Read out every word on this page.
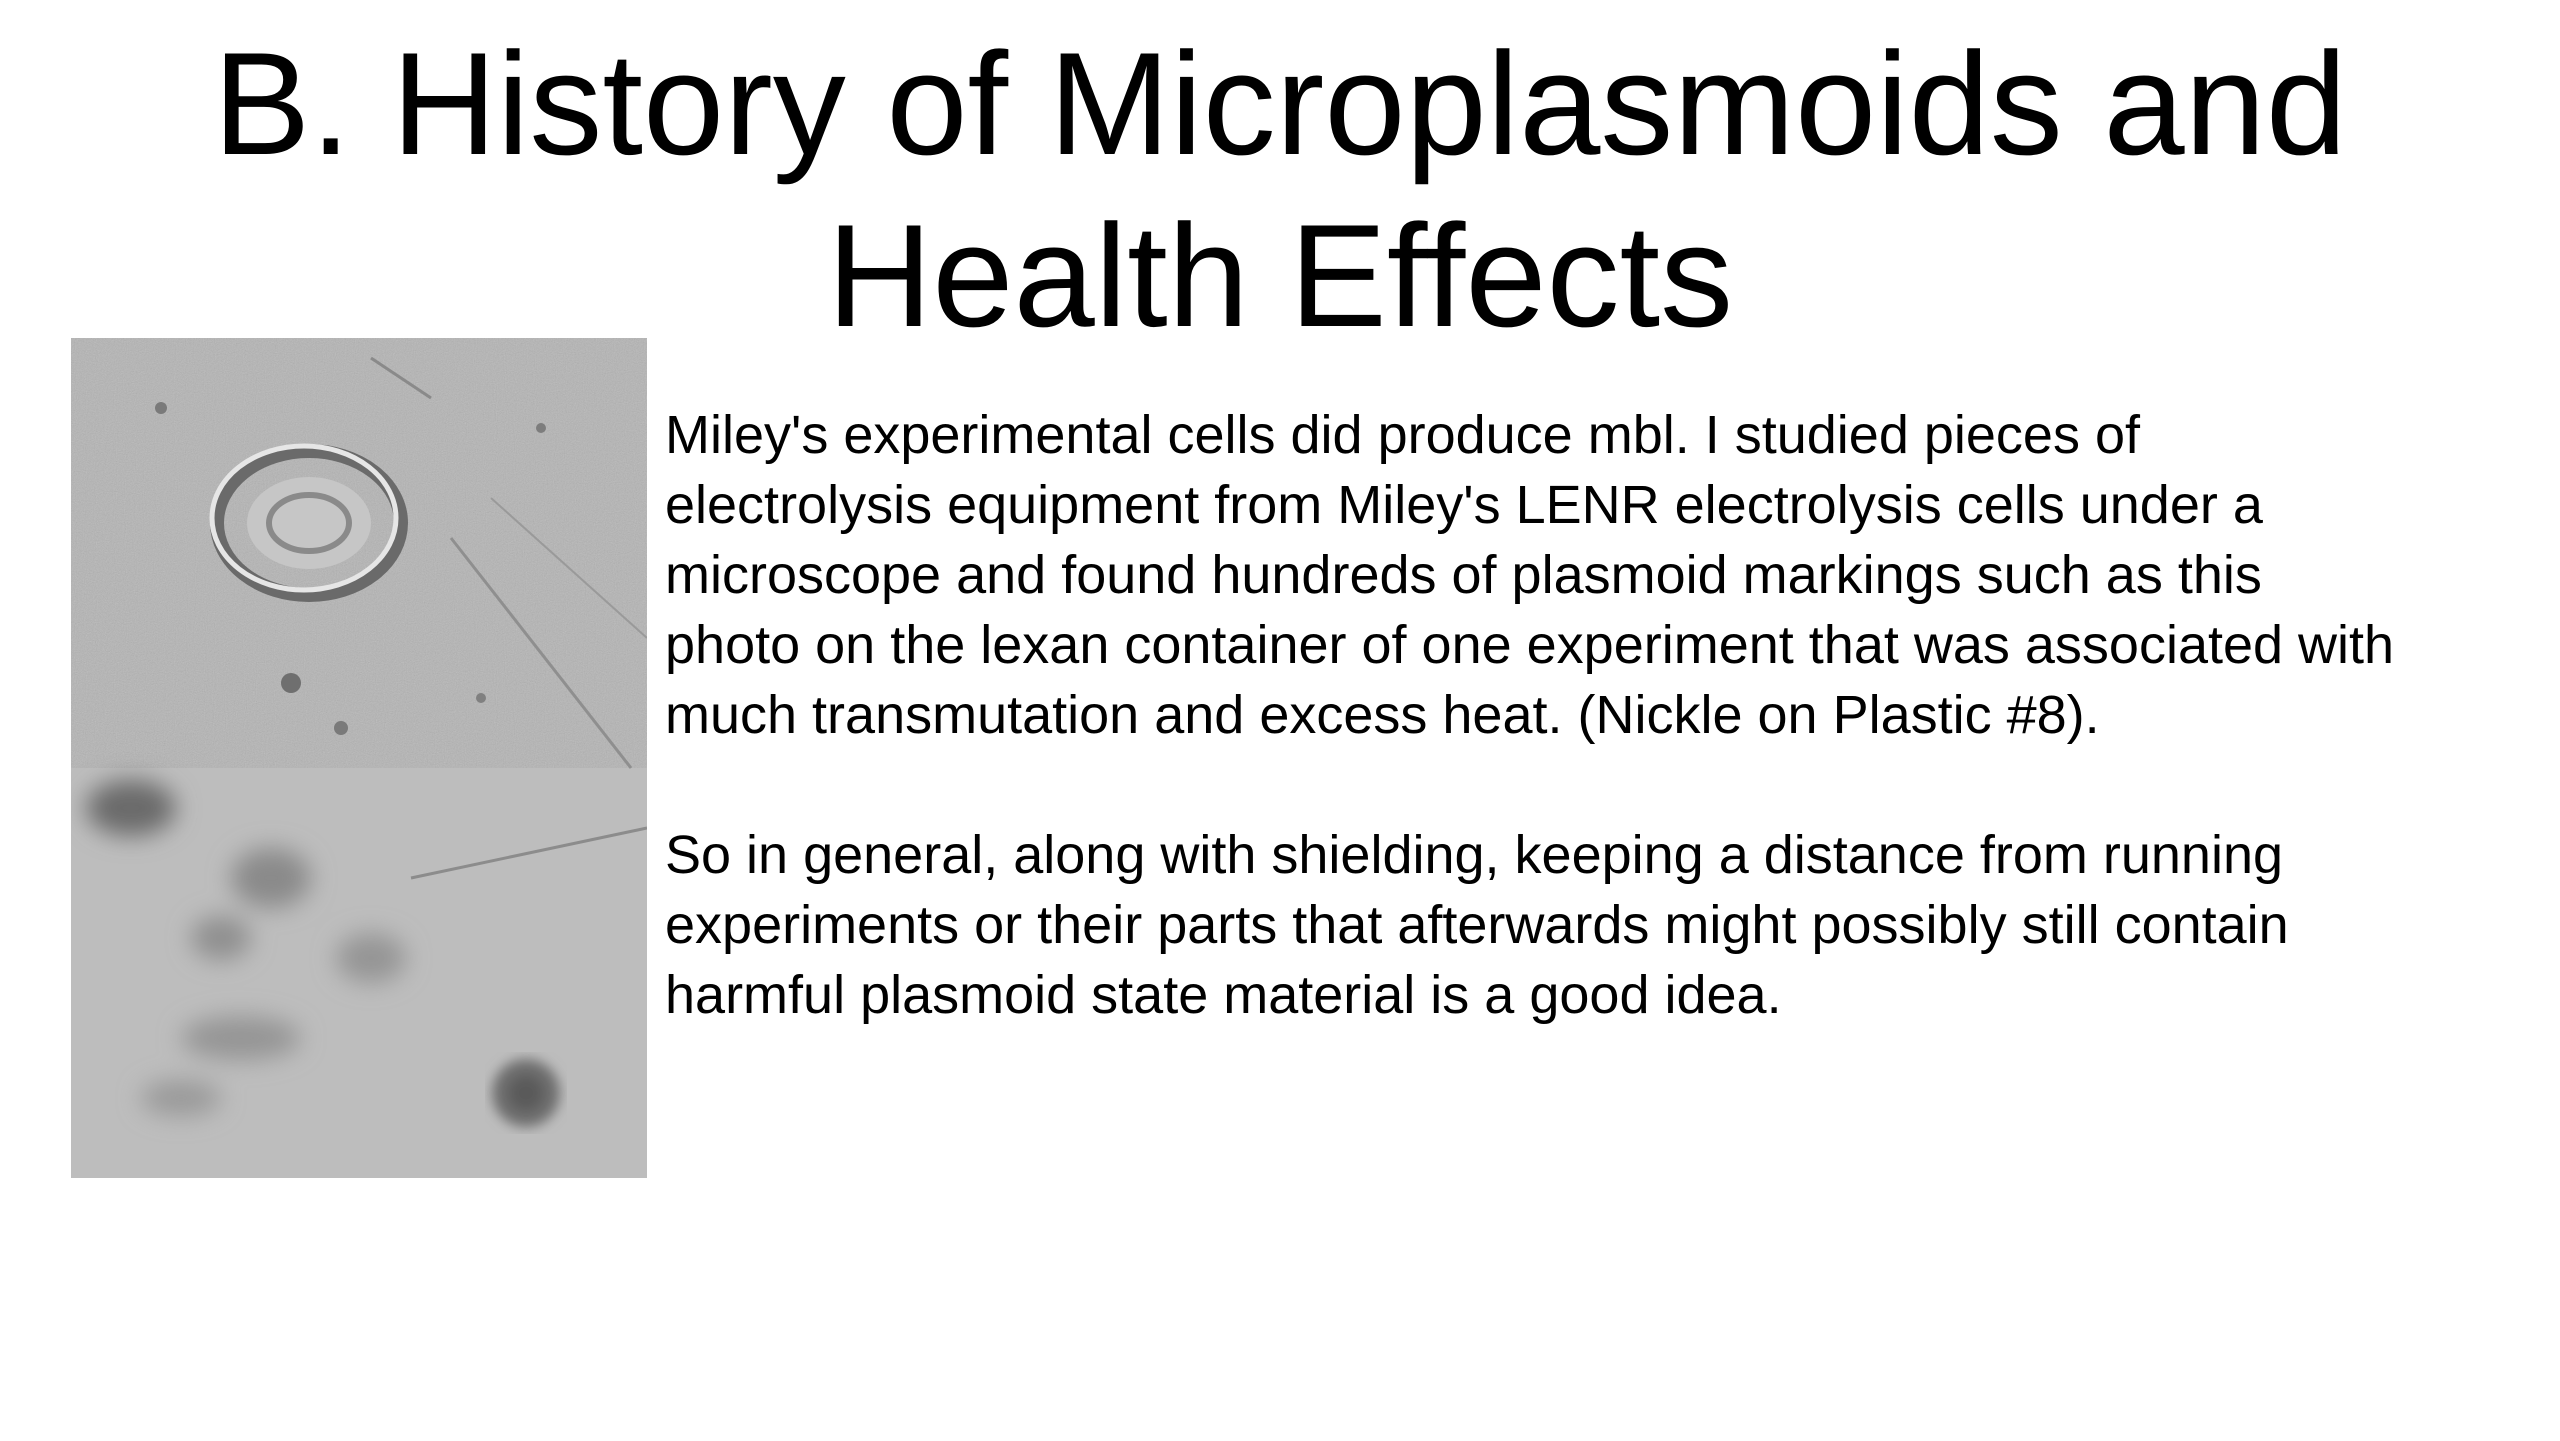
B. History of Microplasmoids and
Health Effects

Miley's experimental cells did produce mbl. I studied pieces of
electrolysis equipment from Miley's LENR electrolysis cells under a
microscope and found hundreds of plasmoid markings such as this
photo on the lexan container of one experiment that was associated with
much transmutation and excess heat. (Nickle on Plastic #8).

So in general, along with shielding, keeping a distance from running
experiments or their parts that afterwards might possibly still contain
harmful plasmoid state material is a good idea.
